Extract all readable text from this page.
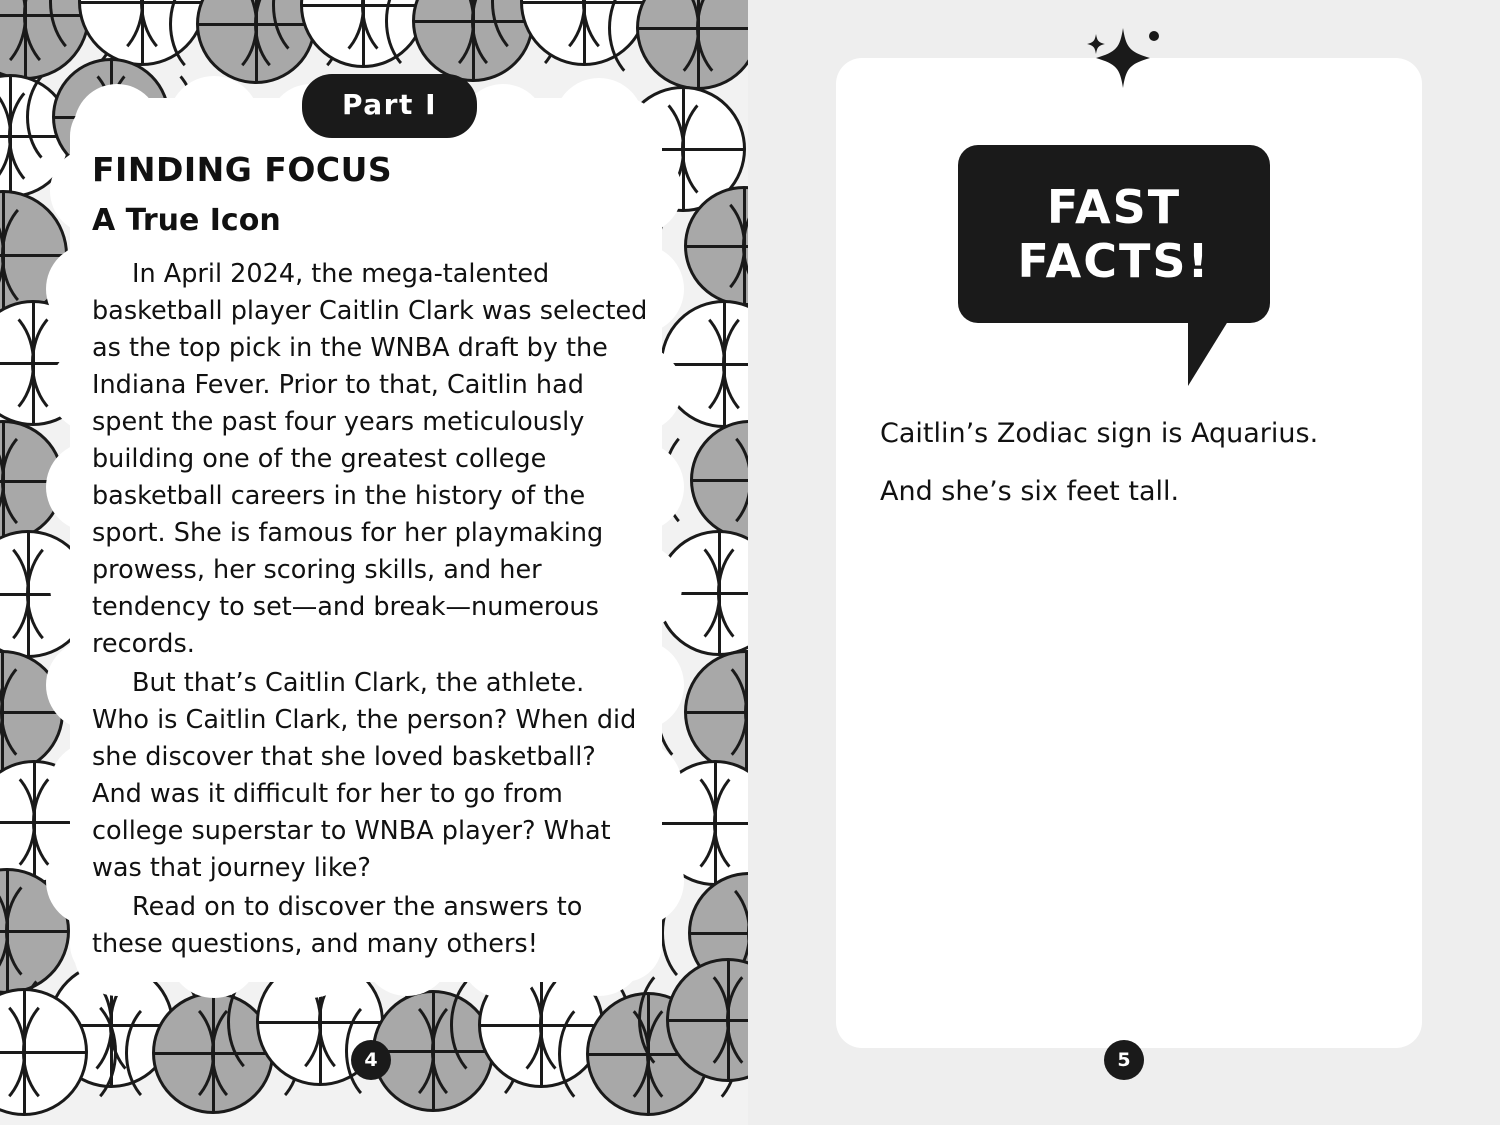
Part I
FINDING FOCUS
A True Icon

In April 2024, the mega-talented basketball player Caitlin Clark was selected as the top pick in the WNBA draft by the Indiana Fever. Prior to that, Caitlin had spent the past four years meticulously building one of the greatest college basketball careers in the history of the sport. She is famous for her playmaking prowess, her scoring skills, and her tendency to set—and break—numerous records.

But that’s Caitlin Clark, the athlete. Who is Caitlin Clark, the person? When did she discover that she loved basketball? And was it difficult for her to go from college superstar to WNBA player? What was that journey like?

Read on to discover the answers to these questions, and many others!

4
FAST
FACTS!
Caitlin’s Zodiac sign is Aquarius.
And she’s six feet tall.
5
